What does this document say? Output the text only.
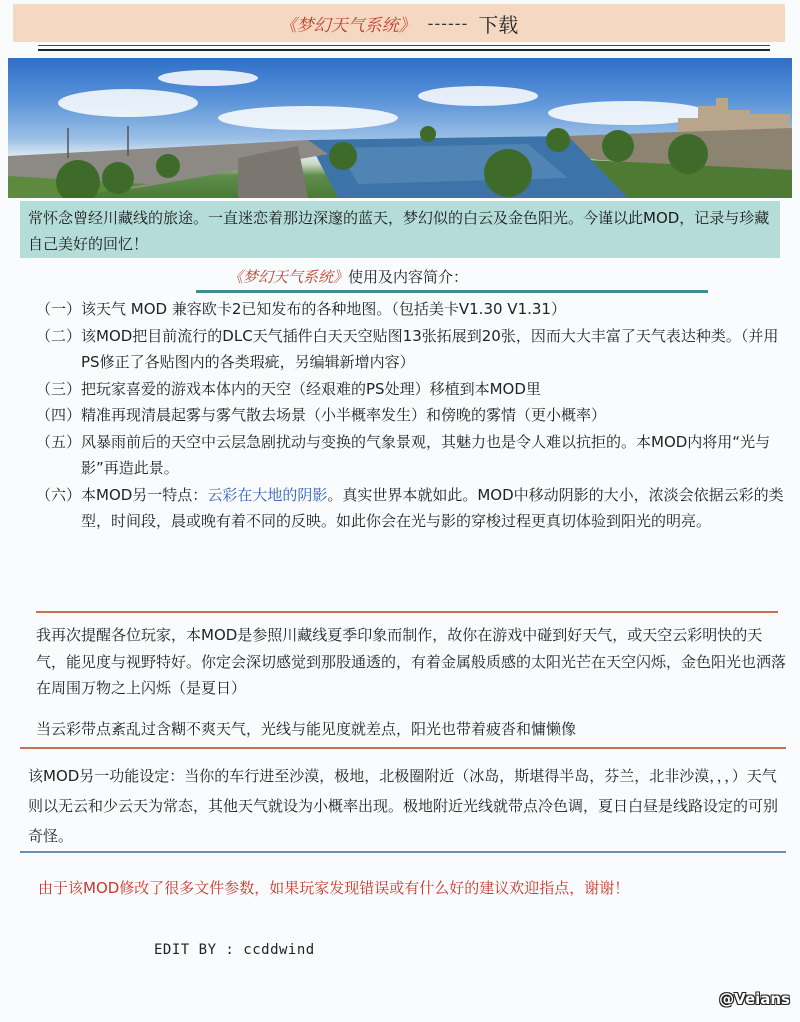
《梦幻天气系统》 ------ 下载
常怀念曾经川藏线的旅途。一直迷恋着那边深邃的蓝天，梦幻似的白云及金色阳光。今谨以此MOD，记录与珍藏自己美好的回忆！
《梦幻天气系统》使用及内容简介：
（一） 该天气 MOD 兼容欧卡2已知发布的各种地图。（包括美卡V1.30 V1.31）
（二） 该MOD把目前流行的DLC天气插件白天天空贴图13张拓展到20张，因而大大丰富了天气表达种类。（并用PS修正了各贴图内的各类瑕疵，另编辑新增内容）
（三） 把玩家喜爱的游戏本体内的天空（经艰难的PS处理）移植到本MOD里
（四） 精准再现清晨起雾与雾气散去场景（小半概率发生）和傍晚的雾情（更小概率）
（五） 风暴雨前后的天空中云层急剧扰动与变换的气象景观，其魅力也是令人难以抗拒的。本MOD内将用“光与影”再造此景。
（六） 本MOD另一特点：云彩在大地的阴影。真实世界本就如此。MOD中移动阴影的大小，浓淡会依据云彩的类型，时间段，晨或晚有着不同的反映。如此你会在光与影的穿梭过程更真切体验到阳光的明亮。
我再次提醒各位玩家，本MOD是参照川藏线夏季印象而制作，故你在游戏中碰到好天气，或天空云彩明快的天气，能见度与视野特好。你定会深切感觉到那股通透的，有着金属般质感的太阳光芒在天空闪烁，金色阳光也洒落在周围万物之上闪烁（是夏日）
当云彩带点紊乱过含糊不爽天气，光线与能见度就差点，阳光也带着疲沓和慵懒像
该MOD另一功能设定：当你的车行进至沙漠，极地，北极圈附近（冰岛，斯堪得半岛，芬兰，北非沙漠，，，）天气则以无云和少云天为常态，其他天气就设为小概率出现。极地附近光线就带点冷色调，夏日白昼是线路设定的可别奇怪。
由于该MOD修改了很多文件参数，如果玩家发现错误或有什么好的建议欢迎指点，谢谢！
EDIT BY : ccddwind
@Veians
